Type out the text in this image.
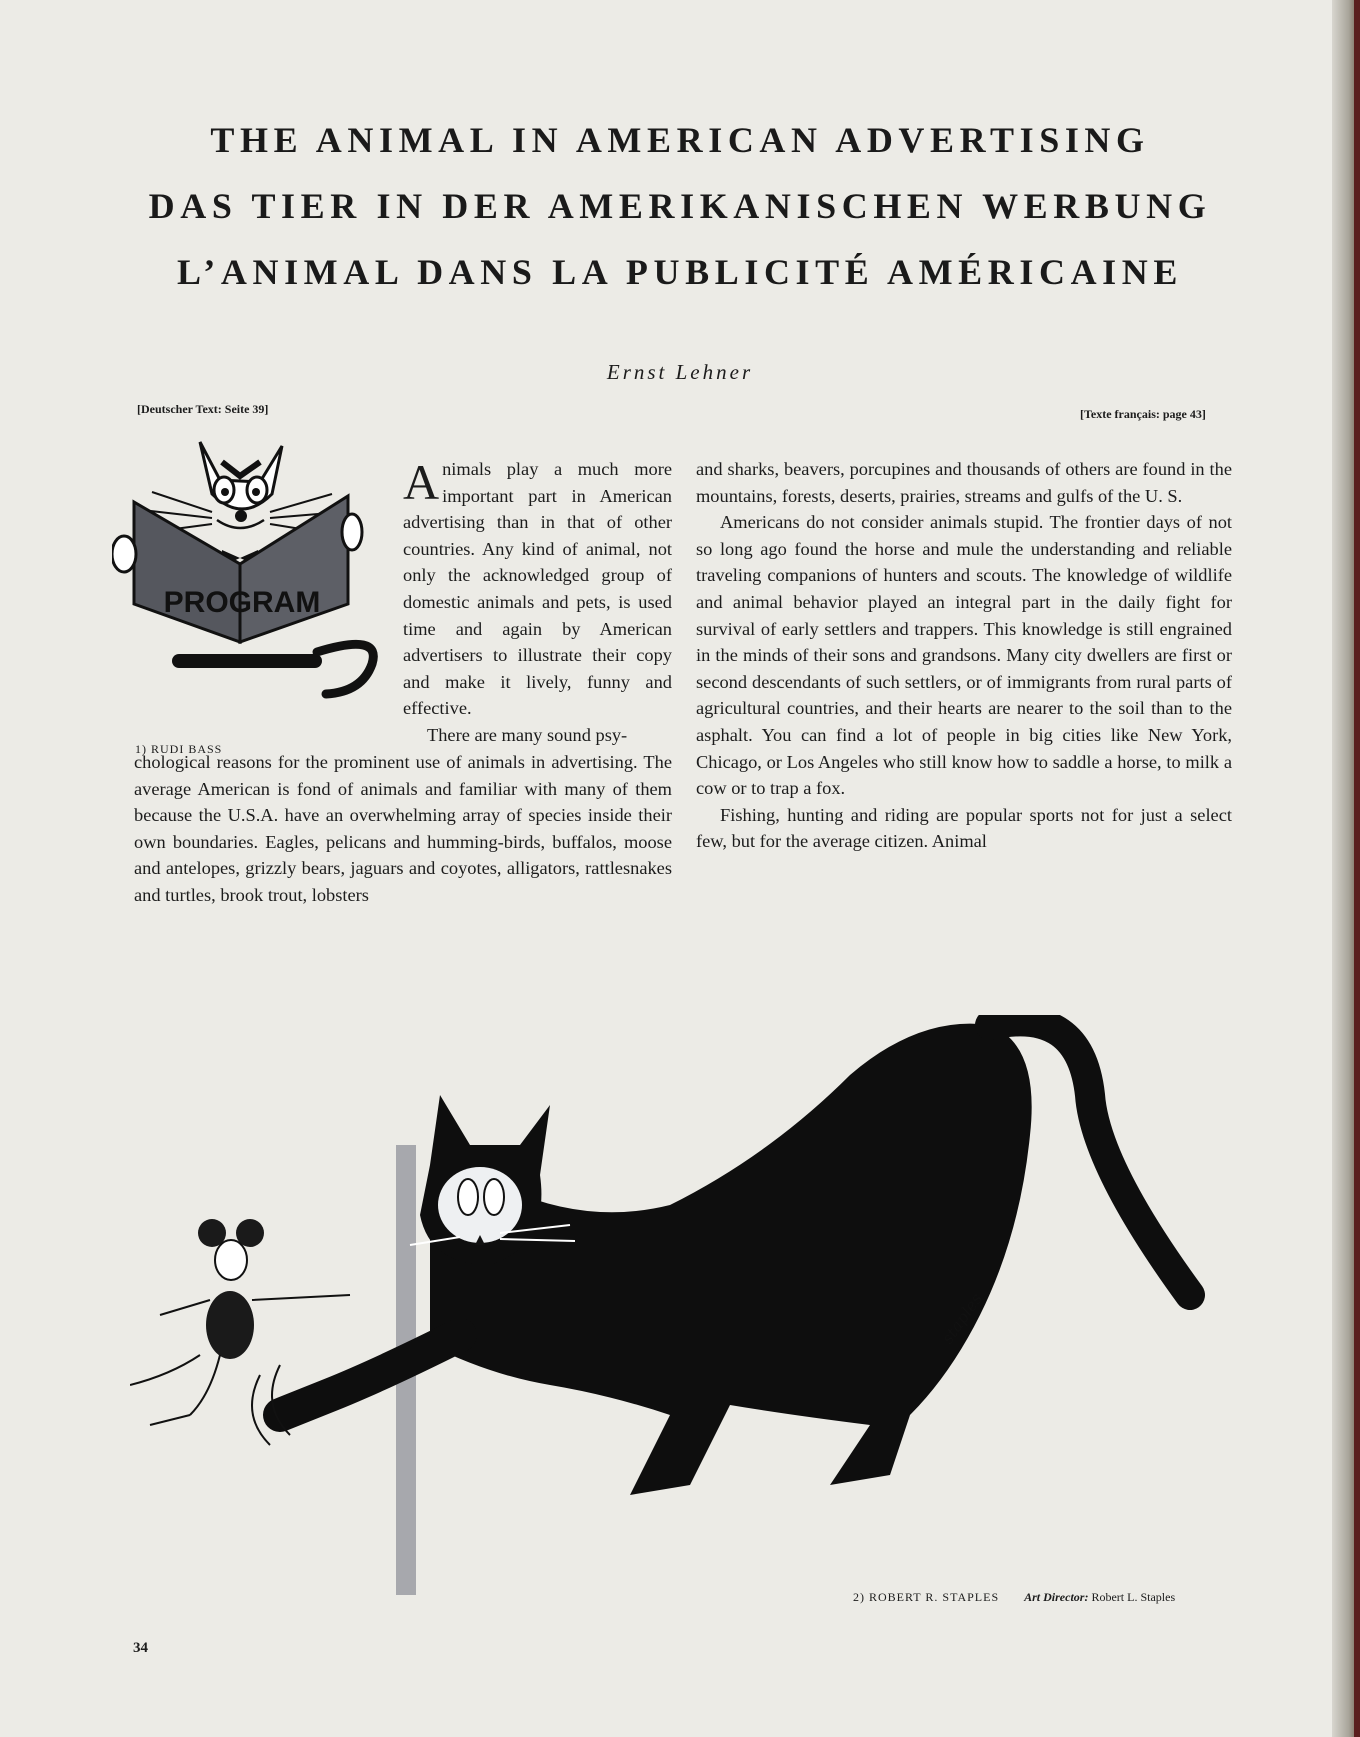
THE ANIMAL IN AMERICAN ADVERTISING
DAS TIER IN DER AMERIKANISCHEN WERBUNG
L’ANIMAL DANS LA PUBLICITÉ AMÉRICAINE
Ernst Lehner
[Deutscher Text: Seite 39]	[Texte français: page 43]
PROGRAM
1) RUDI BASS

A nimals play a much more important part in American advertising than in that of other countries. Any kind of animal, not only the acknowledged group of domestic animals and pets, is used time and again by American advertisers to illustrate their copy and make it lively, funny and effective.

There are many sound psy-

chological reasons for the prominent use of animals in advertising. The average American is fond of animals and familiar with many of them because the U.S.A. have an overwhelming array of species inside their own boundaries. Eagles, pelicans and humming-birds, buffalos, moose and antelopes, grizzly bears, jaguars and coyotes, alligators, rattlesnakes and turtles, brook trout, lobsters

and sharks, beavers, porcupines and thousands of others are found in the mountains, forests, deserts, prairies, streams and gulfs of the U. S.

Americans do not consider animals stupid. The frontier days of not so long ago found the horse and mule the understanding and reliable traveling companions of hunters and scouts. The knowledge of wildlife and animal behavior played an integral part in the daily fight for survival of early settlers and trappers. This knowledge is still engrained in the minds of their sons and grandsons. Many city dwellers are first or second descendants of such settlers, or of immigrants from rural parts of agricultural countries, and their hearts are nearer to the soil than to the asphalt. You can find a lot of people in big cities like New York, Chicago, or Los Angeles who still know how to saddle a horse, to milk a cow or to trap a fox.

Fishing, hunting and riding are popular sports not for just a select few, but for the average citizen. Animal

staples
2) ROBERT R. STAPLES Art Director: Robert L. Staples
34
